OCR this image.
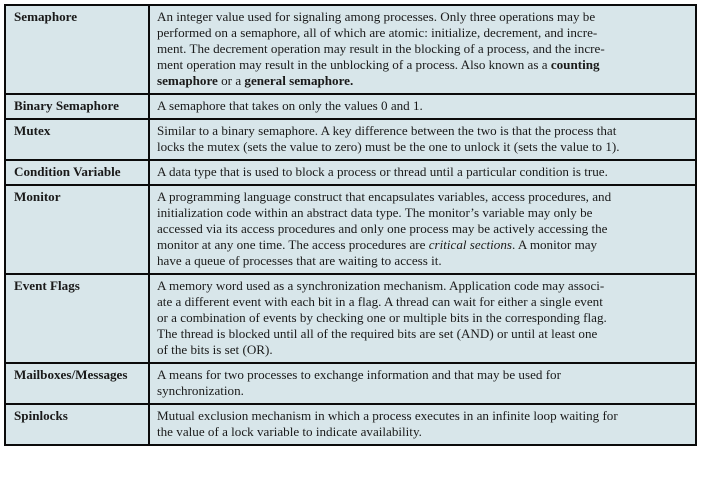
Semaphore	An integer value used for signaling among processes. Only three operations may be
performed on a semaphore, all of which are atomic: initialize, decrement, and incre-
ment. The decrement operation may result in the blocking of a process, and the incre-
ment operation may result in the unblocking of a process. Also known as a counting
semaphore or a general semaphore.

Binary Semaphore	A semaphore that takes on only the values 0 and 1.

Mutex	Similar to a binary semaphore. A key difference between the two is that the process that
locks the mutex (sets the value to zero) must be the one to unlock it (sets the value to 1).

Condition Variable	A data type that is used to block a process or thread until a particular condition is true.

Monitor	A programming language construct that encapsulates variables, access procedures, and
initialization code within an abstract data type. The monitor’s variable may only be
accessed via its access procedures and only one process may be actively accessing the
monitor at any one time. The access procedures are critical sections. A monitor may
have a queue of processes that are waiting to access it.

Event Flags	A memory word used as a synchronization mechanism. Application code may associ-
ate a different event with each bit in a flag. A thread can wait for either a single event
or a combination of events by checking one or multiple bits in the corresponding flag.
The thread is blocked until all of the required bits are set (AND) or until at least one
of the bits is set (OR).

Mailboxes/Messages	A means for two processes to exchange information and that may be used for
synchronization.

Spinlocks	Mutual exclusion mechanism in which a process executes in an infinite loop waiting for
the value of a lock variable to indicate availability.
